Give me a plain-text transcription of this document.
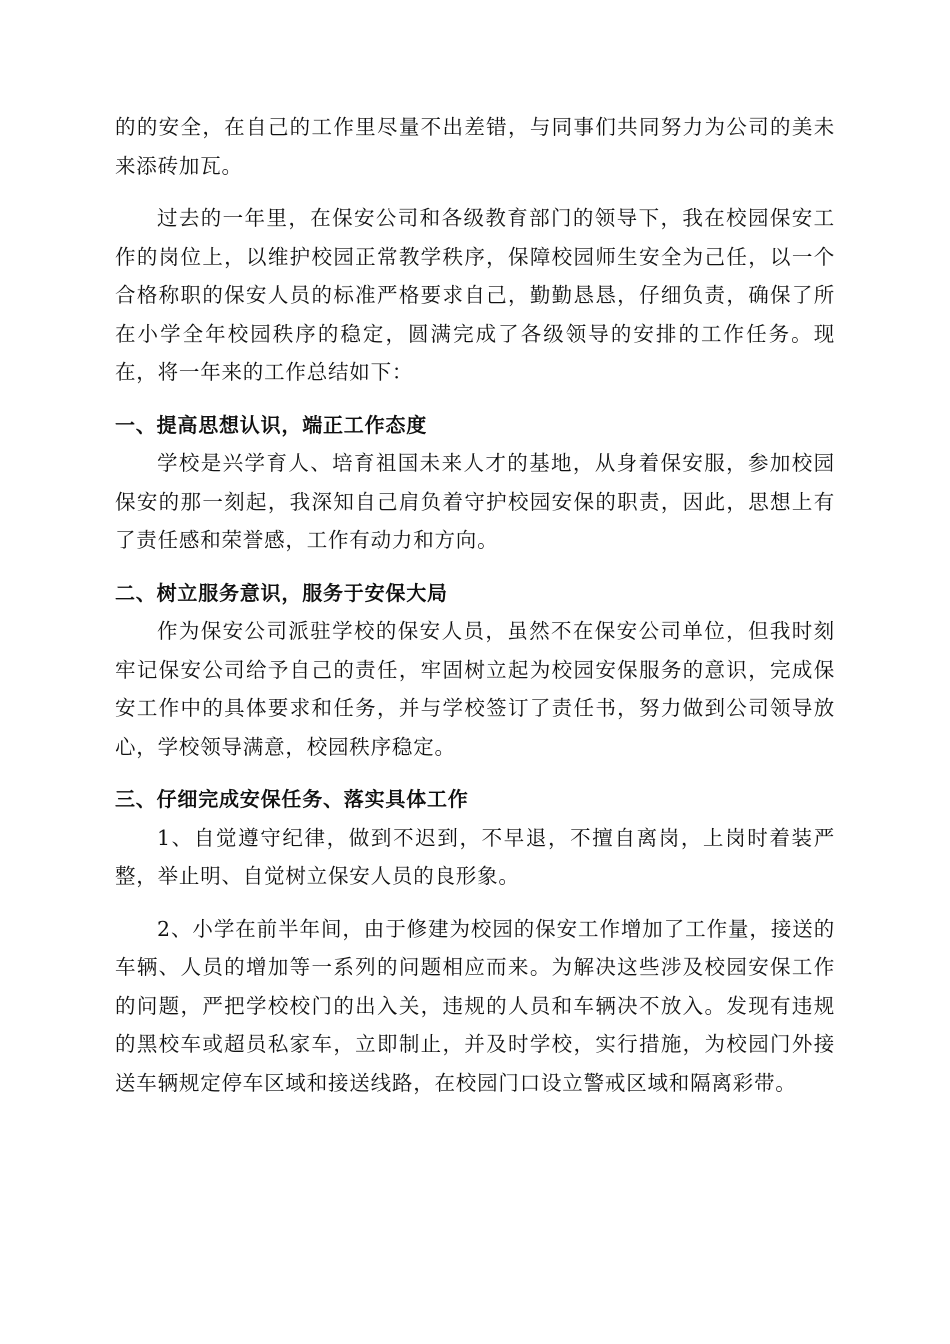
的的安全，在自己的工作里尽量不出差错，与同事们共同努力为公司的美未来添砖加瓦。

过去的一年里，在保安公司和各级教育部门的领导下，我在校园保安工作的岗位上，以维护校园正常教学秩序，保障校园师生安全为己任，以一个合格称职的保安人员的标准严格要求自己，勤勤恳恳，仔细负责，确保了所在小学全年校园秩序的稳定，圆满完成了各级领导的安排的工作任务。现在，将一年来的工作总结如下：

一、提高思想认识，端正工作态度

学校是兴学育人、培育祖国未来人才的基地，从身着保安服，参加校园保安的那一刻起，我深知自己肩负着守护校园安保的职责，因此，思想上有了责任感和荣誉感，工作有动力和方向。

二、树立服务意识，服务于安保大局

作为保安公司派驻学校的保安人员，虽然不在保安公司单位，但我时刻牢记保安公司给予自己的责任，牢固树立起为校园安保服务的意识，完成保安工作中的具体要求和任务，并与学校签订了责任书，努力做到公司领导放心，学校领导满意，校园秩序稳定。

三、仔细完成安保任务、落实具体工作

1、自觉遵守纪律，做到不迟到，不早退，不擅自离岗，上岗时着装严整，举止明、自觉树立保安人员的良形象。

2、小学在前半年间，由于修建为校园的保安工作增加了工作量，接送的车辆、人员的增加等一系列的问题相应而来。为解决这些涉及校园安保工作的问题，严把学校校门的出入关，违规的人员和车辆决不放入。发现有违规的黑校车或超员私家车，立即制止，并及时学校，实行措施，为校园门外接送车辆规定停车区域和接送线路，在校园门口设立警戒区域和隔离彩带。
